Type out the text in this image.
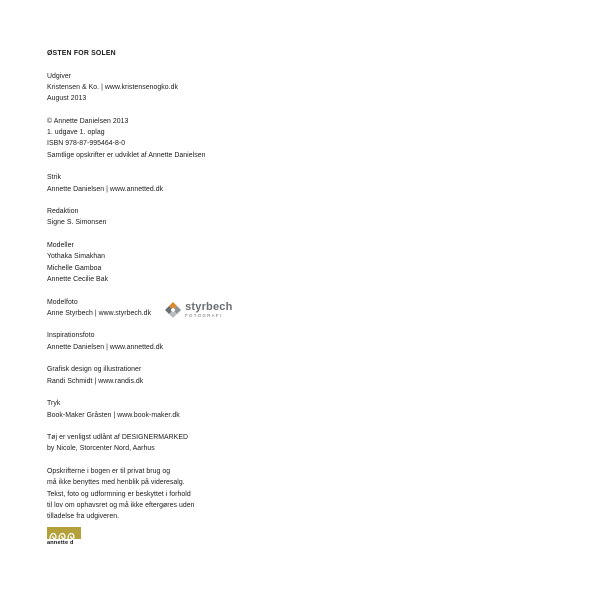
ØSTEN FOR SOLEN
Udgiver
Kristensen & Ko. | www.kristensenogko.dk
August 2013
© Annette Danielsen 2013
1. udgave 1. oplag
ISBN 978-87-995464-8-0
Samtlige opskrifter er udviklet af Annette Danielsen
Strik
Annette Danielsen | www.annetted.dk
Redaktion
Signe S. Simonsen
Modeller
Yothaka Simakhan
Michelle Gamboa
Annette Cecilie Bak
Modelfoto
Anne Styrbech | www.styrbech.dk
styrbech
FOTOGRAFI
Inspirationsfoto
Annette Danielsen | www.annetted.dk
Grafisk design og illustrationer
Randi Schmidt | www.randis.dk
Tryk
Book-Maker Gråsten | www.book-maker.dk
Tøj er venligst udlånt af DESIGNERMARKED
by Nicole, Storcenter Nord, Aarhus
Opskrifterne i bogen er til privat brug og
må ikke benyttes med henblik på videresalg.
Tekst, foto og udformning er beskyttet i forhold
til lov om ophavsret og må ikke eftergøres uden
tilladelse fra udgiveren.
annette d
